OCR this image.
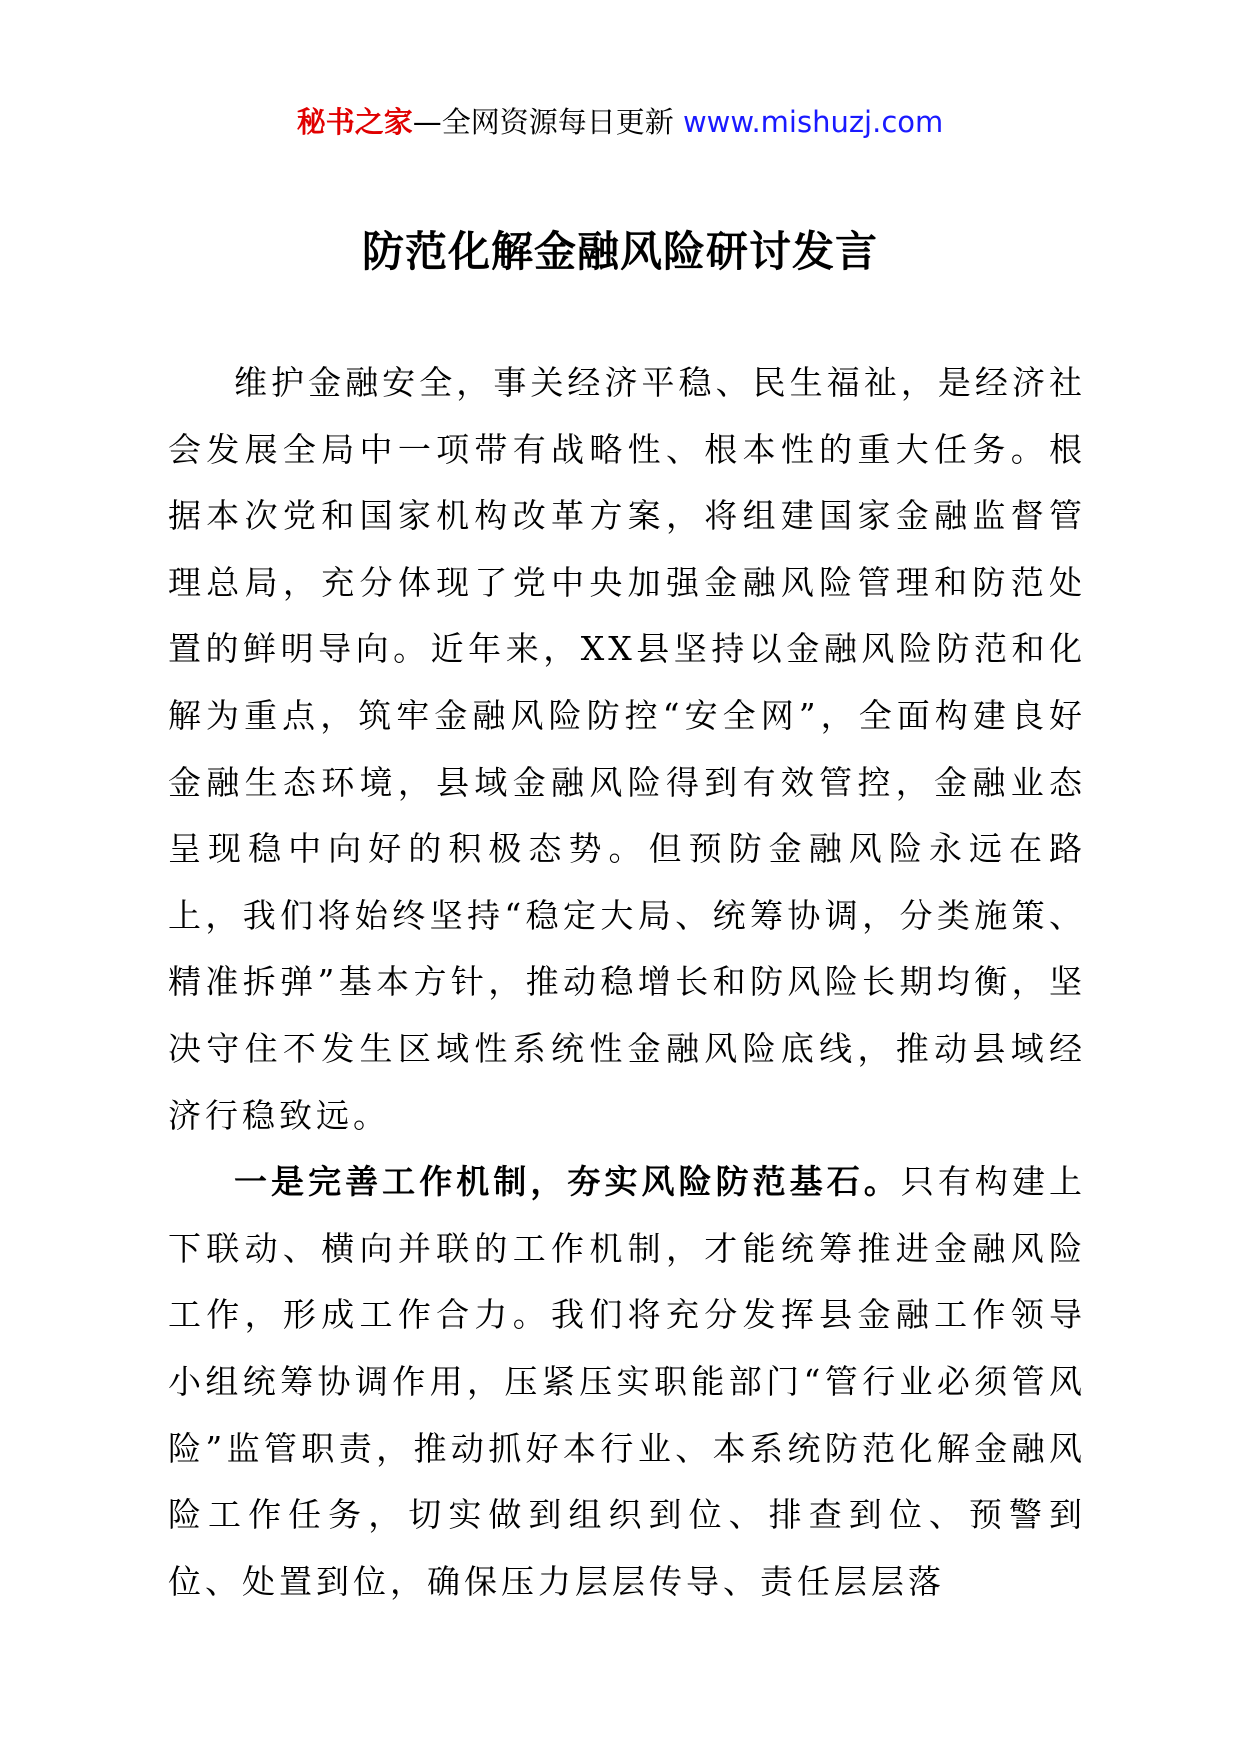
秘书之家—全网资源每日更新 www.mishuzj.com
防范化解金融风险研讨发言

维护金融安全，事关经济平稳、民生福祉，是经济社会发展全局中一项带有战略性、根本性的重大任务。根据本次党和国家机构改革方案，将组建国家金融监督管理总局，充分体现了党中央加强金融风险管理和防范处置的鲜明导向。近年来，XX县坚持以金融风险防范和化解为重点，筑牢金融风险防控“安全网”，全面构建良好金融生态环境，县域金融风险得到有效管控，金融业态呈现稳中向好的积极态势。但预防金融风险永远在路上，我们将始终坚持“稳定大局、统筹协调，分类施策、精准拆弹”基本方针，推动稳增长和防风险长期均衡，坚决守住不发生区域性系统性金融风险底线，推动县域经济行稳致远。

一是完善工作机制，夯实风险防范基石。只有构建上下联动、横向并联的工作机制，才能统筹推进金融风险工作，形成工作合力。我们将充分发挥县金融工作领导小组统筹协调作用，压紧压实职能部门“管行业必须管风险”监管职责，推动抓好本行业、本系统防范化解金融风险工作任务，切实做到组织到位、排查到位、预警到位、处置到位，确保压力层层传导、责任层层落
